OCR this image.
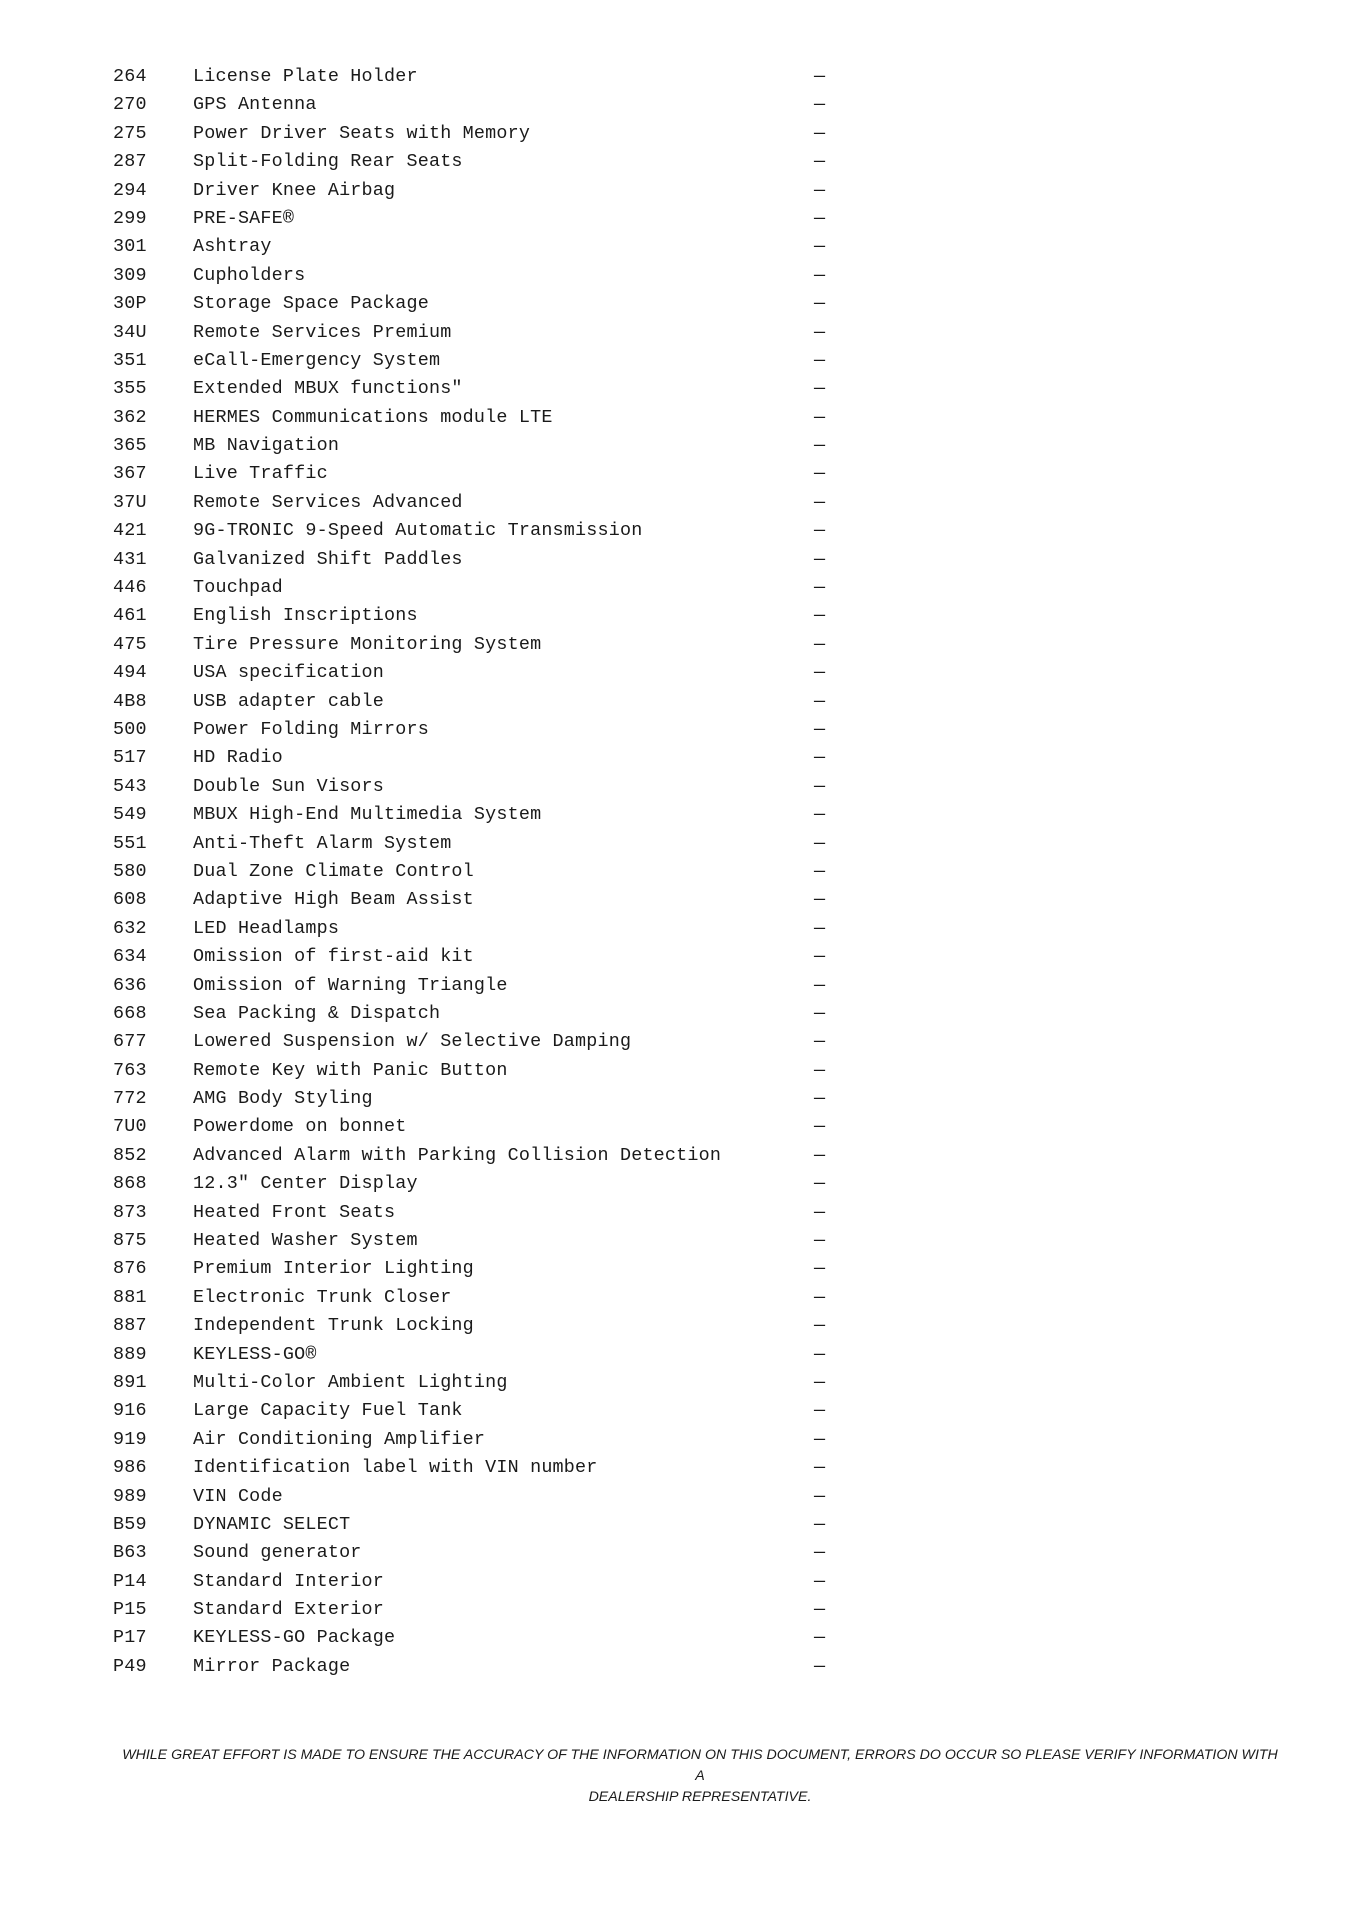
264	License Plate Holder	—
270	GPS Antenna	—
275	Power Driver Seats with Memory	—
287	Split-Folding Rear Seats	—
294	Driver Knee Airbag	—
299	PRE-SAFE®	—
301	Ashtray	—
309	Cupholders	—
30P	Storage Space Package	—
34U	Remote Services Premium	—
351	eCall-Emergency System	—
355	Extended MBUX functions"	—
362	HERMES Communications module LTE	—
365	MB Navigation	—
367	Live Traffic	—
37U	Remote Services Advanced	—
421	9G-TRONIC 9-Speed Automatic Transmission	—
431	Galvanized Shift Paddles	—
446	Touchpad	—
461	English Inscriptions	—
475	Tire Pressure Monitoring System	—
494	USA specification	—
4B8	USB adapter cable	—
500	Power Folding Mirrors	—
517	HD Radio	—
543	Double Sun Visors	—
549	MBUX High-End Multimedia System	—
551	Anti-Theft Alarm System	—
580	Dual Zone Climate Control	—
608	Adaptive High Beam Assist	—
632	LED Headlamps	—
634	Omission of first-aid kit	—
636	Omission of Warning Triangle	—
668	Sea Packing & Dispatch	—
677	Lowered Suspension w/ Selective Damping	—
763	Remote Key with Panic Button	—
772	AMG Body Styling	—
7U0	Powerdome on bonnet	—
852	Advanced Alarm with Parking Collision Detection	—
868	12.3" Center Display	—
873	Heated Front Seats	—
875	Heated Washer System	—
876	Premium Interior Lighting	—
881	Electronic Trunk Closer	—
887	Independent Trunk Locking	—
889	KEYLESS-GO®	—
891	Multi-Color Ambient Lighting	—
916	Large Capacity Fuel Tank	—
919	Air Conditioning Amplifier	—
986	Identification label with VIN number	—
989	VIN Code	—
B59	DYNAMIC SELECT	—
B63	Sound generator	—
P14	Standard Interior	—
P15	Standard Exterior	—
P17	KEYLESS-GO Package	—
P49	Mirror Package	—

WHILE GREAT EFFORT IS MADE TO ENSURE THE ACCURACY OF THE INFORMATION ON THIS DOCUMENT, ERRORS DO OCCUR SO PLEASE VERIFY INFORMATION WITH A
DEALERSHIP REPRESENTATIVE.
